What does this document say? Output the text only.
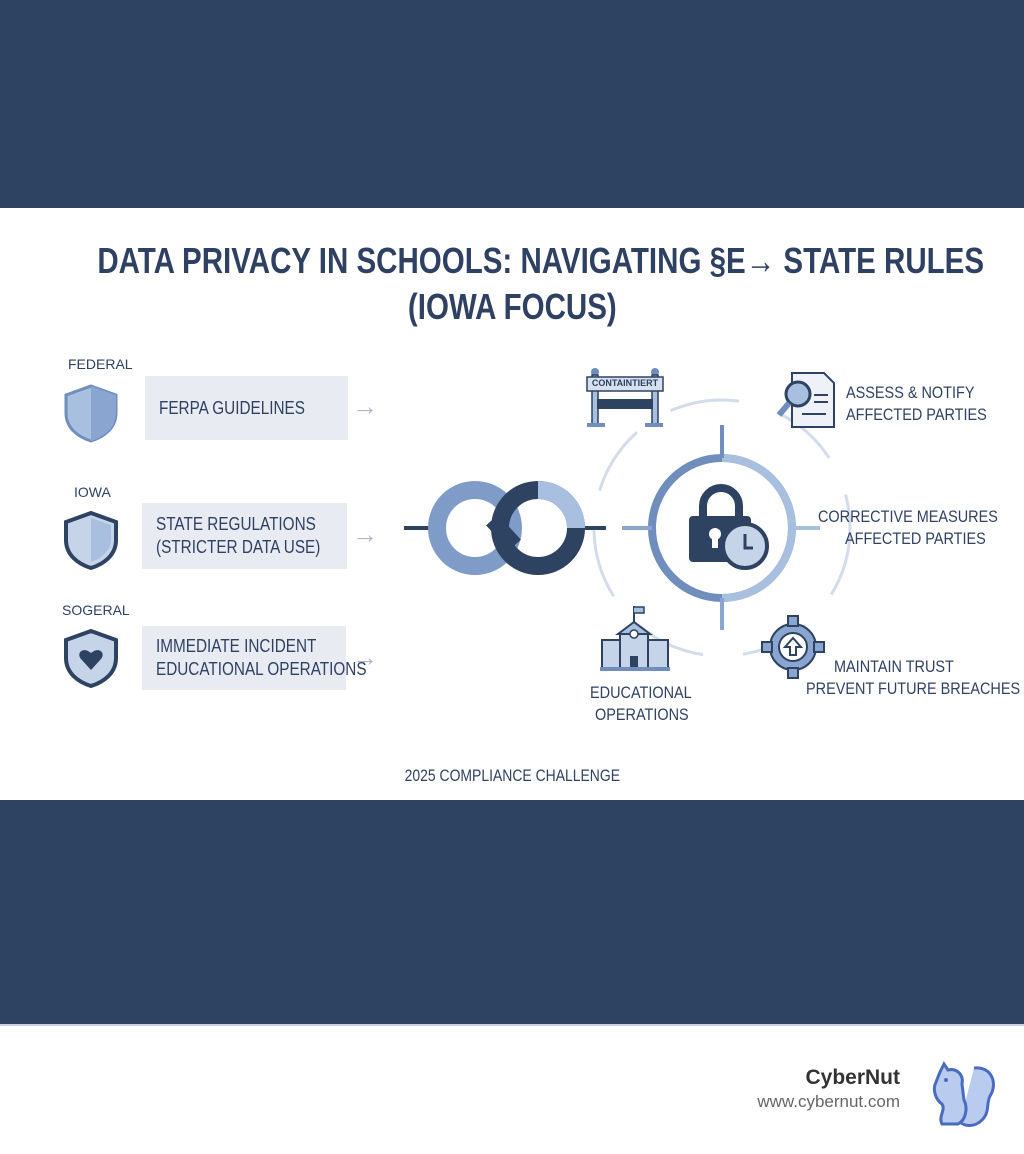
DATA PRIVACY IN SCHOOLS: NAVIGATING §E→ STATE RULES
(IOWA FOCUS)
FEDERAL
FERPA GUIDELINES	→
IOWA
STATE REGULATIONS
(STRICTER DATA USE) →
SOGERAL
IMMEDIATE INCIDENT
EDUCATIONAL OPERATIONS
→
CONTAINTIERT	ASSESS & NOTIFY
AFFECTED PARTIES
CORRECTIVE MEASURES
AFFECTED PARTIES
MAINTAIN TRUST
PREVENT FUTURE BREACHES
EDUCATIONAL
OPERATIONS
2025 COMPLIANCE CHALLENGE
CyberNut
www.cybernut.com
